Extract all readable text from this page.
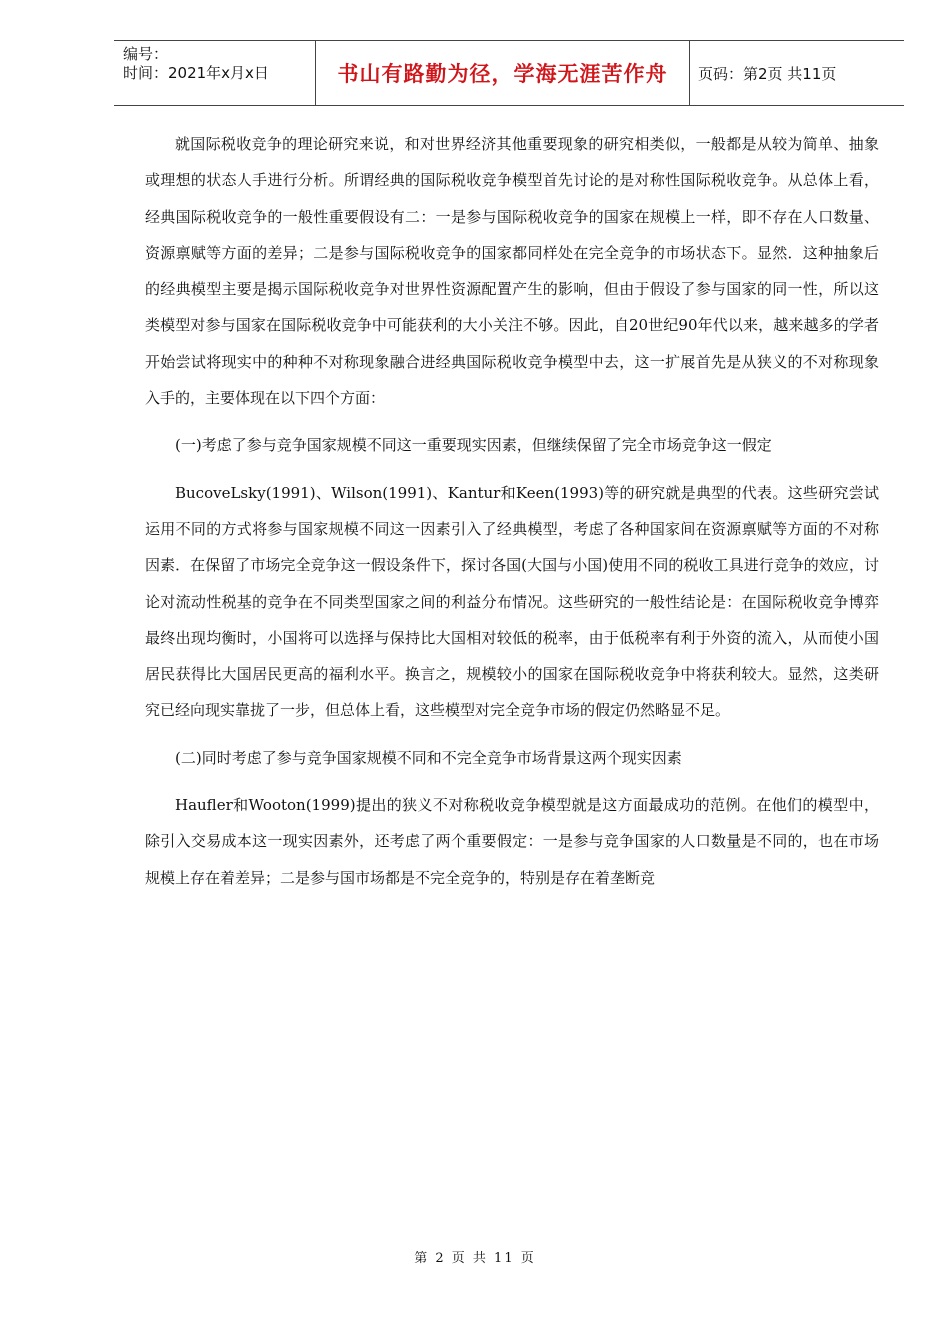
编号：
时间：2021年x月x日	书山有路勤为径，学海无涯苦作舟	页码：第2页 共11页

就国际税收竞争的理论研究来说，和对世界经济其他重要现象的研究相类似，一般都是从较为简单、抽象或理想的状态人手进行分析。所谓经典的国际税收竞争模型首先讨论的是对称性国际税收竞争。从总体上看，经典国际税收竞争的一般性重要假设有二：一是参与国际税收竞争的国家在规模上一样，即不存在人口数量、资源禀赋等方面的差异；二是参与国际税收竞争的国家都同样处在完全竞争的市场状态下。显然．这种抽象后的经典模型主要是揭示国际税收竞争对世界性资源配置产生的影响，但由于假设了参与国家的同一性，所以这类模型对参与国家在国际税收竞争中可能获利的大小关注不够。因此，自20世纪90年代以来，越来越多的学者开始尝试将现实中的种种不对称现象融合进经典国际税收竞争模型中去，这一扩展首先是从狭义的不对称现象入手的，主要体现在以下四个方面：

(一)考虑了参与竞争国家规模不同这一重要现实因素，但继续保留了完全市场竞争这一假定

BucoveLsky(1991)、Wilson(1991)、Kantur和Keen(1993)等的研究就是典型的代表。这些研究尝试运用不同的方式将参与国家规模不同这一因素引入了经典模型，考虑了各种国家间在资源禀赋等方面的不对称因素．在保留了市场完全竞争这一假设条件下，探讨各国(大国与小国)使用不同的税收工具进行竞争的效应，讨论对流动性税基的竞争在不同类型国家之间的利益分布情况。这些研究的一般性结论是：在国际税收竞争博弈最终出现均衡时，小国将可以选择与保持比大国相对较低的税率，由于低税率有利于外资的流入，从而使小国居民获得比大国居民更高的福利水平。换言之，规模较小的国家在国际税收竞争中将获利较大。显然，这类研究已经向现实靠拢了一步，但总体上看，这些模型对完全竞争市场的假定仍然略显不足。

(二)同时考虑了参与竞争国家规模不同和不完全竞争市场背景这两个现实因素

Haufler和Wooton(1999)提出的狭义不对称税收竞争模型就是这方面最成功的范例。在他们的模型中，除引入交易成本这一现实因素外，还考虑了两个重要假定：一是参与竞争国家的人口数量是不同的，也在市场规模上存在着差异；二是参与国市场都是不完全竞争的，特别是存在着垄断竞

第 2 页 共 11 页
